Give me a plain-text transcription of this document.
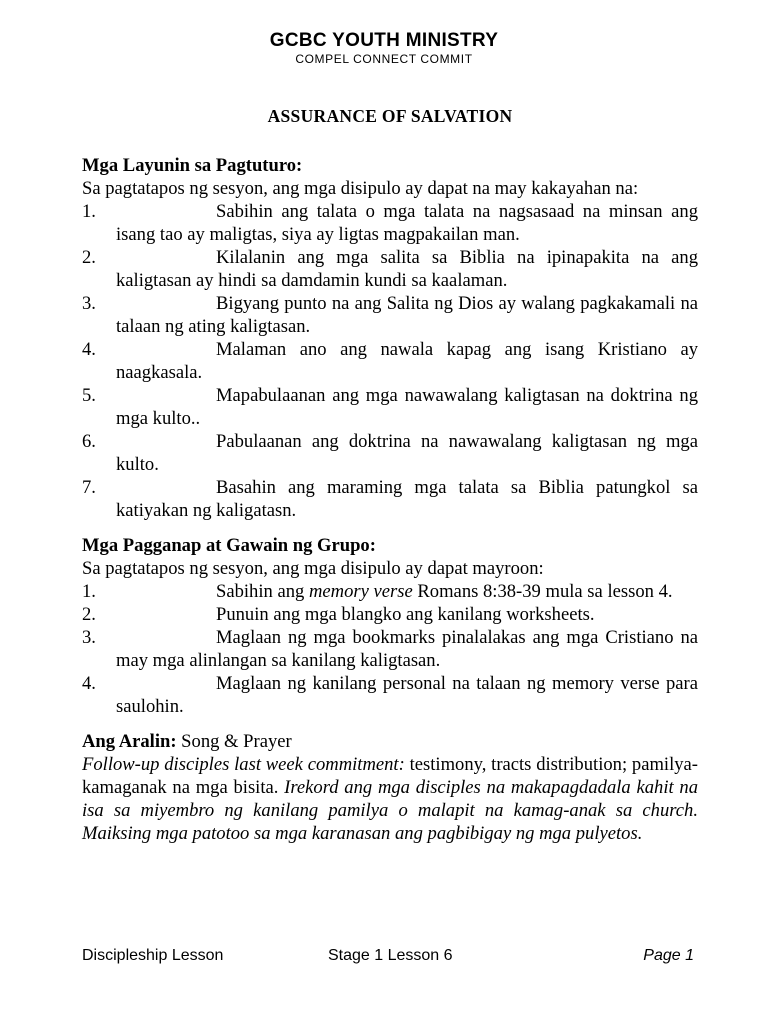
GCBC YOUTH MINISTRY
COMPEL CONNECT COMMIT
ASSURANCE OF SALVATION

Mga Layunin sa Pagtuturo:

Sa pagtatapos ng sesyon, ang mga disipulo ay dapat na may kakayahan na:

1.	Sabihin ang talata o mga talata na nagsasaad na minsan ang isang tao ay maligtas, siya ay ligtas magpakailan man.
2.	Kilalanin ang mga salita sa Biblia na ipinapakita na ang kaligtasan ay hindi sa damdamin kundi sa kaalaman.
3.	Bigyang punto na ang Salita ng Dios ay walang pagkakamali na talaan ng ating kaligtasan.
4.	Malaman ano ang nawala kapag ang isang Kristiano ay naagkasala.
5.	Mapabulaanan ang mga nawawalang kaligtasan na doktrina ng mga kulto..
6.	Pabulaanan ang doktrina na nawawalang kaligtasan ng mga kulto.
7.	Basahin ang maraming mga talata sa Biblia patungkol sa katiyakan ng kaligatasn.

Mga Pagganap at Gawain ng Grupo:

Sa pagtatapos ng sesyon, ang mga disipulo ay dapat mayroon:

1.	Sabihin ang memory verse Romans 8:38-39 mula sa lesson 4.
2.	Punuin ang mga blangko ang kanilang worksheets.
3.	Maglaan ng mga bookmarks pinalalakas ang mga Cristiano na may mga alinlangan sa kanilang kaligtasan.
4.	Maglaan ng kanilang personal na talaan ng memory verse para saulohin.

Ang Aralin: Song & Prayer

Follow-up disciples last week commitment: testimony, tracts distribution; pamilya-kamaganak na mga bisita. Irekord ang mga disciples na makapagdadala kahit na isa sa miyembro ng kanilang pamilya o malapit na kamag-anak sa church. Maiksing mga patotoo sa mga karanasan ang pagbibigay ng mga pulyetos.

Discipleship Lesson	Stage 1 Lesson 6	Page 1
